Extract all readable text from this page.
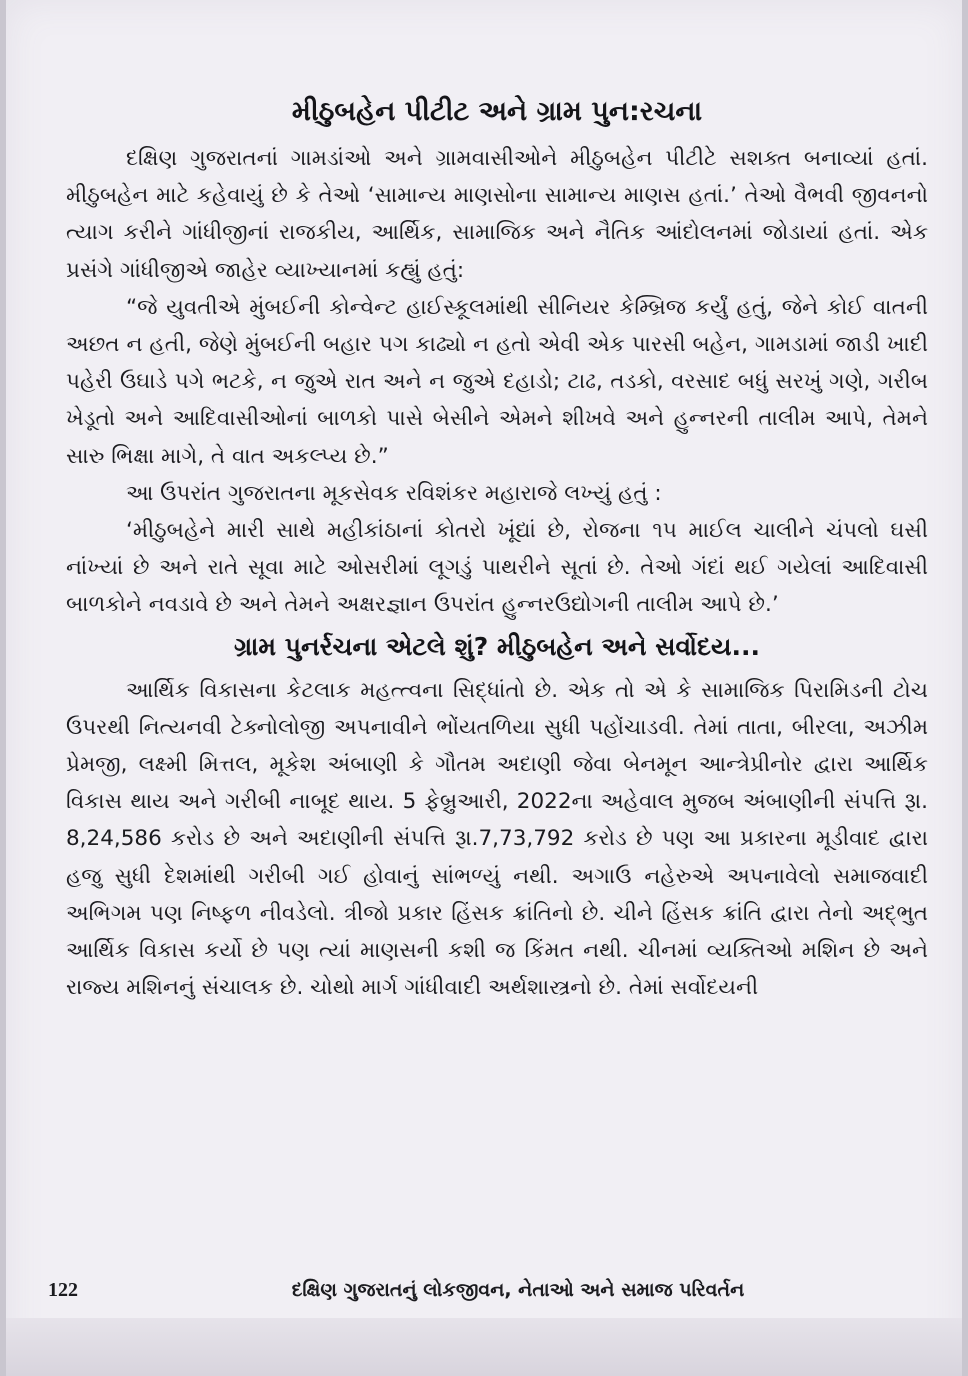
મીઠુબહેન પીટીટ અને ગ્રામ પુન:રચના

દક્ષિણ ગુજરાતનાં ગામડાંઓ અને ગ્રામવાસીઓને મીઠુબહેન પીટીટે સશક્ત બનાવ્યાં હતાં. મીઠુબહેન માટે કહેવાયું છે કે તેઓ ‘સામાન્ય માણસોના સામાન્ય માણસ હતાં.’ તેઓ વૈભવી જીવનનો ત્યાગ કરીને ગાંધીજીનાં રાજકીય, આર્થિક, સામાજિક અને નૈતિક આંદોલનમાં જોડાયાં હતાં. એક પ્રસંગે ગાંધીજીએ જાહેર વ્યાખ્યાનમાં કહ્યું હતું:

“જે યુવતીએ મુંબઈની કોન્વેન્ટ હાઈસ્કૂલમાંથી સીનિયર કેમ્બ્રિજ કર્યું હતું, જેને કોઈ વાતની અછત ન હતી, જેણે મુંબઈની બહાર પગ કાઢ્યો ન હતો એવી એક પારસી બહેન, ગામડામાં જાડી ખાદી પહેરી ઉઘાડે પગે ભટકે, ન જુએ રાત અને ન જુએ દહાડો; ટાઢ, તડકો, વરસાદ બધું સરખું ગણે, ગરીબ ખેડૂતો અને આદિવાસીઓનાં બાળકો પાસે બેસીને એમને શીખવે અને હુન્નરની તાલીમ આપે, તેમને સારુ ભિક્ષા માગે, તે વાત અકલ્પ્ય છે.”

આ ઉપરાંત ગુજરાતના મૂકસેવક રવિશંકર મહારાજે લખ્યું હતું :

‘મીઠુબહેને મારી સાથે મહીકાંઠાનાં કોતરો ખૂંદ્યાં છે, રોજના ૧૫ માઈલ ચાલીને ચંપલો ઘસી નાંખ્યાં છે અને રાતે સૂવા માટે ઓસરીમાં લૂગડું પાથરીને સૂતાં છે. તેઓ ગંદાં થઈ ગયેલાં આદિવાસી બાળકોને નવડાવે છે અને તેમને અક્ષરજ્ઞાન ઉપરાંત હુન્નરઉદ્યોગની તાલીમ આપે છે.’

ગ્રામ પુનર્રચના એટલે શું? મીઠુબહેન અને સર્વોદય...

આર્થિક વિકાસના કેટલાક મહત્ત્વના સિદ્ધાંતો છે. એક તો એ કે સામાજિક પિરામિડની ટોચ ઉપરથી નિત્યનવી ટેક્નોલોજી અપનાવીને ભોંયતળિયા સુધી પહોંચાડવી. તેમાં તાતા, બીરલા, અઝીમ પ્રેમજી, લક્ષ્મી મિત્તલ, મૂકેશ અંબાણી કે ગૌતમ અદાણી જેવા બેનમૂન આન્ત્રેપ્રીનોર દ્વારા આર્થિક વિકાસ થાય અને ગરીબી નાબૂદ થાય. 5 ફેબ્રુઆરી, 2022ના અહેવાલ મુજબ અંબાણીની સંપત્તિ રૂા. 8,24,586 કરોડ છે અને અદાણીની સંપત્તિ રૂા.7,73,792 કરોડ છે પણ આ પ્રકારના મૂડીવાદ દ્વારા હજુ સુધી દેશમાંથી ગરીબી ગઈ હોવાનું સાંભળ્યું નથી. અગાઉ નહેરુએ અપનાવેલો સમાજવાદી અભિગમ પણ નિષ્ફળ નીવડેલો. ત્રીજો પ્રકાર હિંસક ક્રાંતિનો છે. ચીને હિંસક ક્રાંતિ દ્વારા તેનો અદ્ભુત આર્થિક વિકાસ કર્યો છે પણ ત્યાં માણસની કશી જ કિંમત નથી. ચીનમાં વ્યક્તિઓ મશિન છે અને રાજ્ય મશિનનું સંચાલક છે. ચોથો માર્ગ ગાંધીવાદી અર્થશાસ્ત્રનો છે. તેમાં સર્વોદયની

122	દક્ષિણ ગુજરાતનું લોકજીવન, નેતાઓ અને સમાજ પરિવર્તન
